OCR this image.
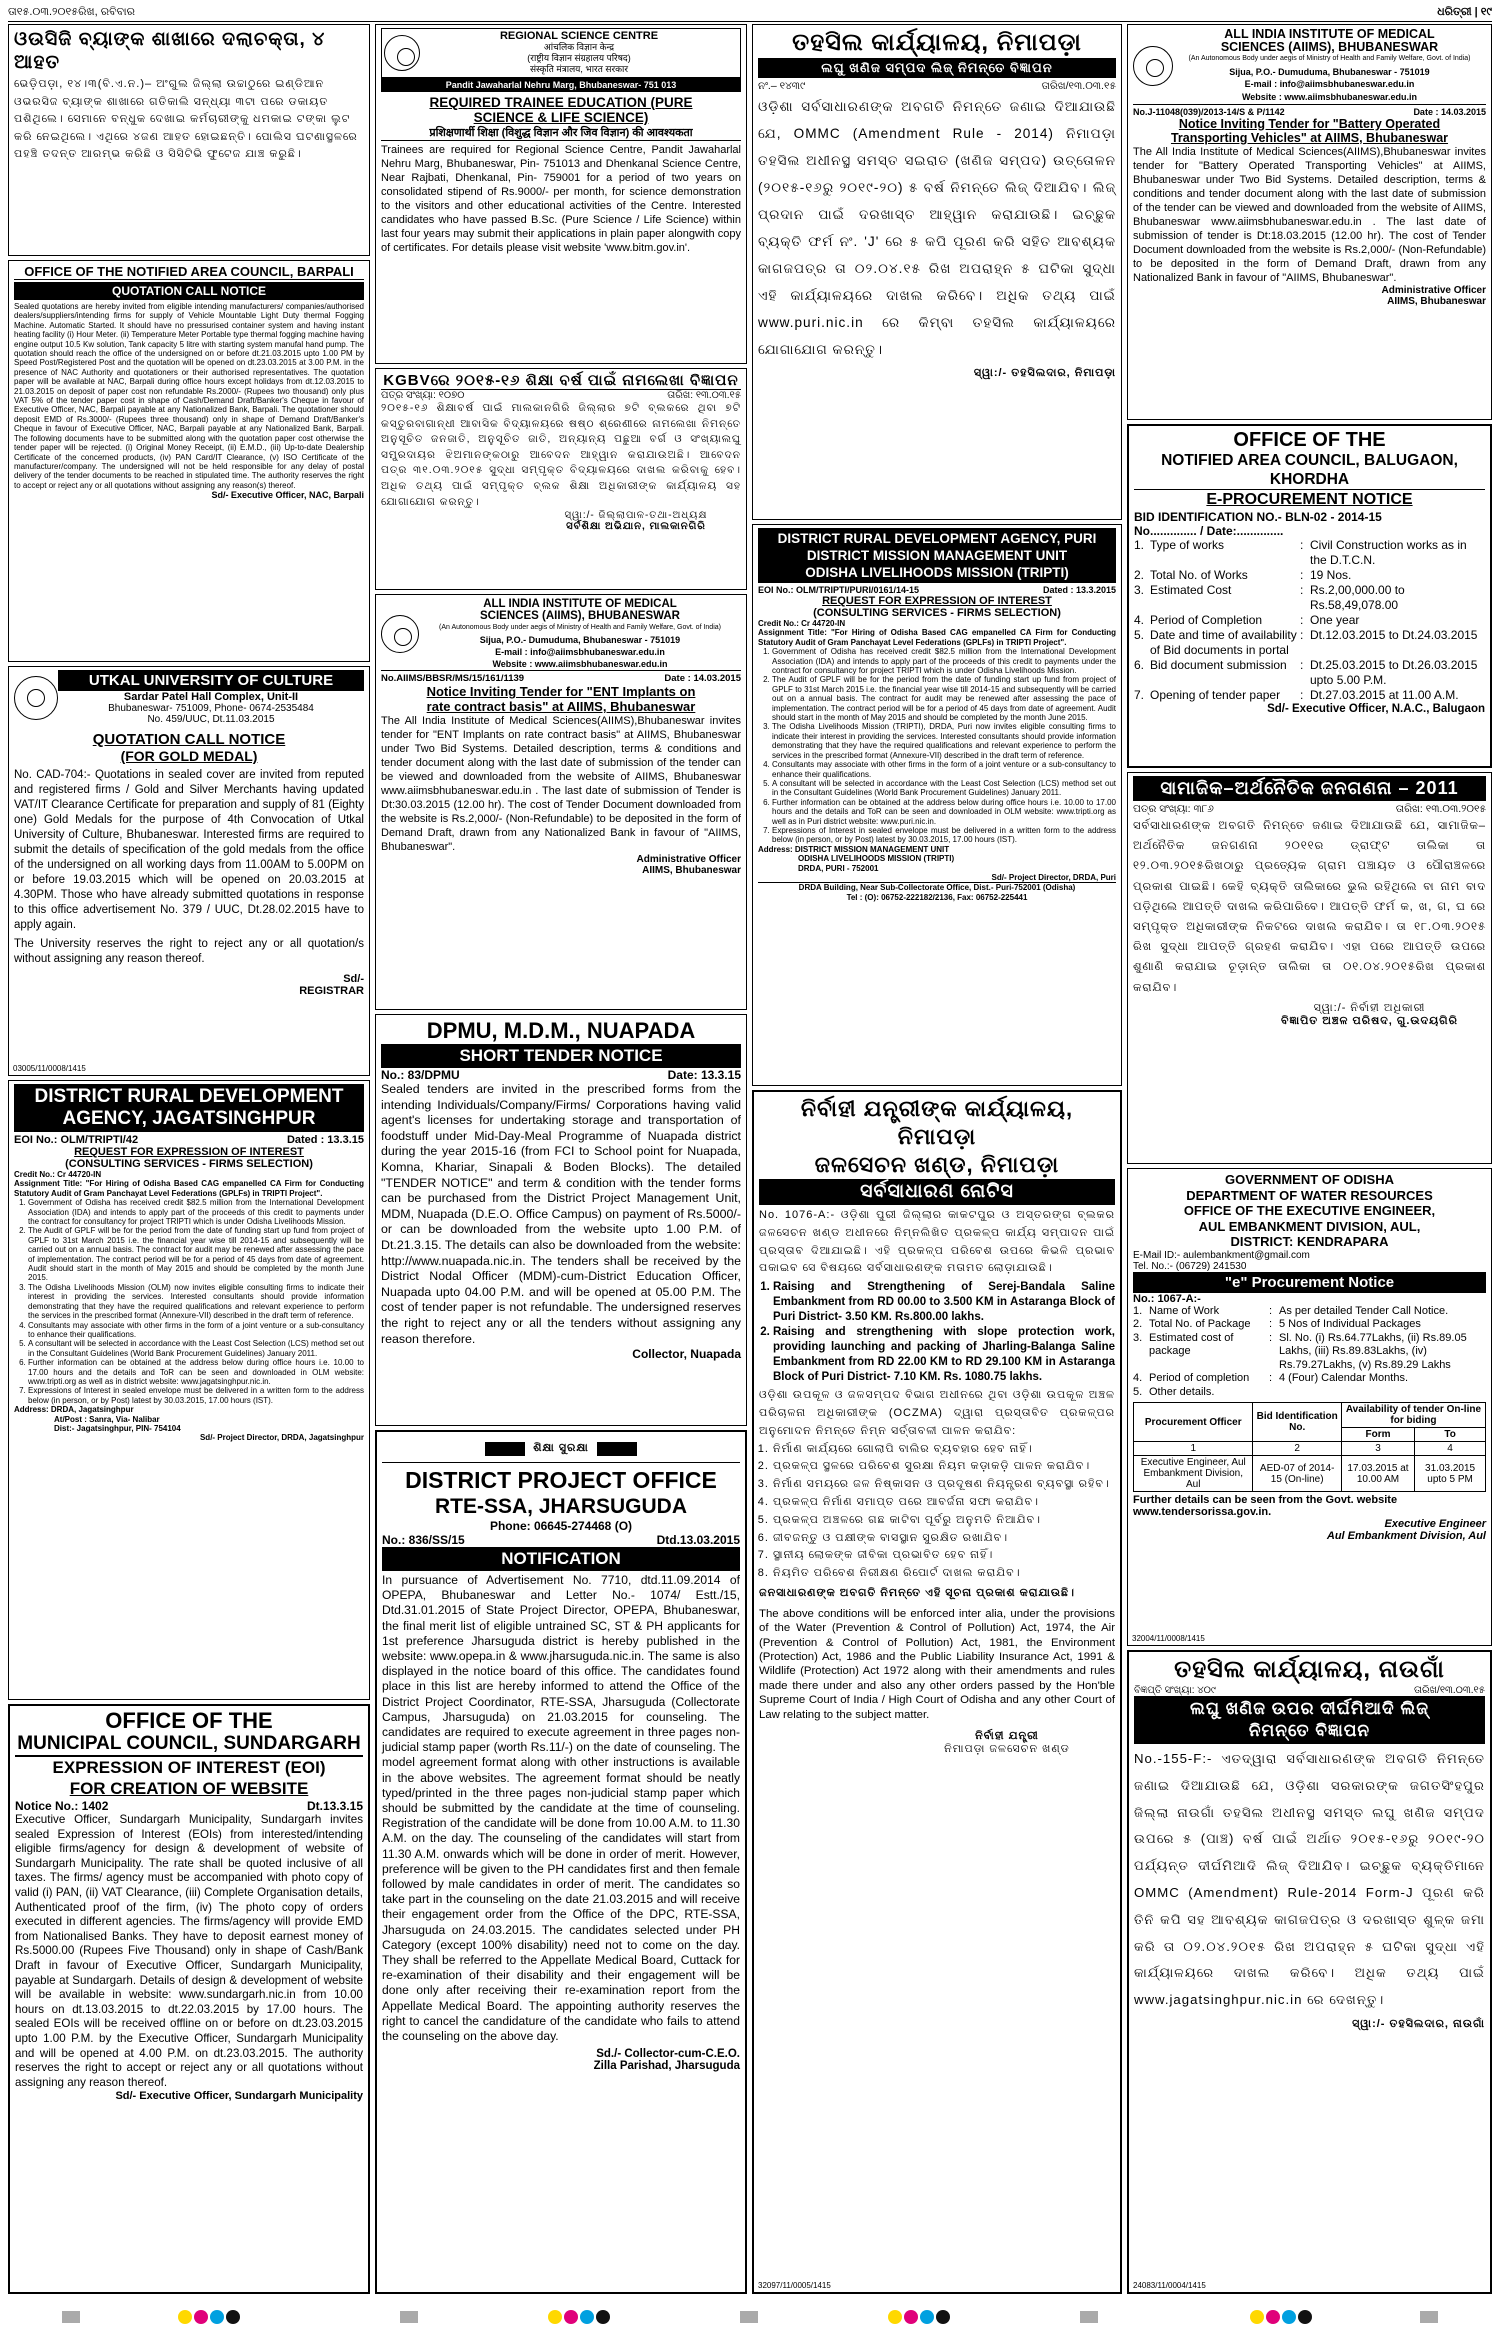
ତା୧୫.୦୩.୨୦୧୫ରିଖ, ରବିବାର	ଧରିତ୍ରୀ | ୧୯
ଓଉସିଜି ବ୍ୟାଙ୍କ ଶାଖାରେ ଦଲାଚକ୍ତା, ୪ ଆହତ
ଭେଡ଼ିପଡ଼ା, ୧୪।୩(ବି.ଏ.ନ.)– ଅଂଗୁଲ ଜିଲ୍ଲା ଉଚ୍ଚାଠୁରେ ଇଣ୍ଡିଆନ ଓଭରସିଜ ବ୍ୟାଙ୍କ ଶାଖାରେ ଗତିକାଲି ସନ୍ଧ୍ୟା ୩ଟା ପରେ ଡକାୟତ ପଶିଥିଲେ। ସେମାନେ ବନ୍ଧୁକ ଦେଖାଇ କର୍ମଚାରୀଙ୍କୁ ଧମକାଇ ଟଙ୍କା ଲୁଟ କରି ନେଇଥିଲେ। ଏଥିରେ ୪ଜଣ ଆହତ ହୋଇଛନ୍ତି। ପୋଲିସ ଘଟଣାସ୍ଥଳରେ ପହଞ୍ଚି ତଦନ୍ତ ଆରମ୍ଭ କରିଛି ଓ ସିସିଟିଭି ଫୁଟେଜ ଯାଞ୍ଚ କରୁଛି।
OFFICE OF THE NOTIFIED AREA COUNCIL, BARPALI
QUOTATION CALL NOTICE
Sealed quotations are hereby invited from eligible intending manufacturers/ companies/authorised dealers/suppliers/intending firms for supply of Vehicle Mountable Light Duty thermal Fogging Machine. Automatic Started. It should have no pressurised container system and having instant heating facility (i) Hour Meter. (ii) Temperature Meter Portable type thermal fogging machine having engine output 10.5 Kw solution, Tank capacity 5 litre with starting system manufal hand pump. The quotation should reach the office of the undersigned on or before dt.21.03.2015 upto 1.00 PM by Speed Post/Registered Post and the quotation will be opened on dt.23.03.2015 at 3.00 P.M. in the presence of NAC Authority and quotationers or their authorised representatives. The quotation paper will be available at NAC, Barpali during office hours except holidays from dt.12.03.2015 to 21.03.2015 on deposit of paper cost non refundable Rs.2000/- (Rupees two thousand) only plus VAT 5% of the tender paper cost in shape of Cash/Demand Draft/Banker's Cheque in favour of Executive Officer, NAC, Barpali payable at any Nationalized Bank, Barpali. The quotationer should deposit EMD of Rs.3000/- (Rupees three thousand) only in shape of Demand Draft/Banker's Cheque in favour of Executive Officer, NAC, Barpali payable at any Nationalized Bank, Barpali. The following documents have to be submitted along with the quotation paper cost otherwise the tender paper will be rejected. (i) Original Money Receipt, (ii) E.M.D., (iii) Up-to-date Dealership Certificate of the concerned products, (iv) PAN Card/IT Clearance, (v) ISO Certificate of the manufacturer/company. The undersigned will not be held responsible for any delay of postal delivery of the tender documents to be reached in stipulated time. The authority reserves the right to accept or reject any or all quotations without assigning any reason(s) thereof.
Sd/- Executive Officer, NAC, Barpali
UTKAL UNIVERSITY OF CULTURE
Sardar Patel Hall Complex, Unit-II
Bhubaneswar- 751009, Phone- 0674-2535484
No. 459/UUC, Dt.11.03.2015
QUOTATION CALL NOTICE
(FOR GOLD MEDAL)
No. CAD-704:- Quotations in sealed cover are invited from reputed and registered firms / Gold and Silver Merchants having updated VAT/IT Clearance Certificate for preparation and supply of 81 (Eighty one) Gold Medals for the purpose of 4th Convocation of Utkal University of Culture, Bhubaneswar. Interested firms are required to submit the details of specification of the gold medals from the office of the undersigned on all working days from 11.00AM to 5.00PM on or before 19.03.2015 which will be opened on 20.03.2015 at 4.30PM. Those who have already submitted quotations in response to this office advertisement No. 379 / UUC, Dt.28.02.2015 have to apply again.
The University reserves the right to reject any or all quotation/s without assigning any reason thereof.
Sd/-
REGISTRAR
03005/11/0008/1415
DISTRICT RURAL DEVELOPMENT
AGENCY, JAGATSINGHPUR
EOI No.: OLM/TRIPTI/42	Dated : 13.3.15
REQUEST FOR EXPRESSION OF INTEREST
(CONSULTING SERVICES - FIRMS SELECTION)
Credit No.: Cr 44720-IN
Assignment Title: "For Hiring of Odisha Based CAG empanelled CA Firm for Conducting Statutory Audit of Gram Panchayat Level Federations (GPLFs) in TRIPTI Project".
1. Government of Odisha has received credit $82.5 million from the International Development Association (IDA) and intends to apply part of the proceeds of this credit to payments under the contract for consultancy for project TRIPTI which is under Odisha Livelihoods Mission.
2. The Audit of GPLF will be for the period from the date of funding start up fund from project of GPLF to 31st March 2015 i.e. the financial year wise till 2014-15 and subsequently will be carried out on a annual basis. The contract for audit may be renewed after assessing the pace of implementation. The contract period will be for a period of 45 days from date of agreement. Audit should start in the month of May 2015 and should be completed by the month June 2015.
3. The Odisha Livelihoods Mission (OLM) now invites eligible consulting firms to indicate their interest in providing the services. Interested consultants should provide information demonstrating that they have the required qualifications and relevant experience to perform the services in the prescribed format (Annexure-VII) described in the draft term of reference.
4. Consultants may associate with other firms in the form of a joint venture or a sub-consultancy to enhance their qualifications.
5. A consultant will be selected in accordance with the Least Cost Selection (LCS) method set out in the Consultant Guidelines (World Bank Procurement Guidelines) January 2011.
6. Further information can be obtained at the address below during office hours i.e. 10.00 to 17.00 hours and the details and ToR can be seen and downloaded in OLM website: www.tripti.org as well as in district website: www.jagatsinghpur.nic.in.
7. Expressions of Interest in sealed envelope must be delivered in a written form to the address below (in person, or by Post) latest by 30.03.2015, 17.00 hours (IST).
Address: DRDA, Jagatsinghpur
At/Post : Sanra, Via- Nalibar
Dist:- Jagatsinghpur, PIN- 754104
Sd/- Project Director, DRDA, Jagatsinghpur
OFFICE OF THE
MUNICIPAL COUNCIL, SUNDARGARH
EXPRESSION OF INTEREST (EOI)
FOR CREATION OF WEBSITE
Notice No.: 1402	Dt.13.3.15
Executive Officer, Sundargarh Municipality, Sundargarh invites sealed Expression of Interest (EOIs) from interested/intending eligible firms/agency for design & development of website of Sundargarh Municipality. The rate shall be quoted inclusive of all taxes. The firms/ agency must be accompanied with photo copy of valid (i) PAN, (ii) VAT Clearance, (iii) Complete Organisation details, Authenticated proof of the firm, (iv) The photo copy of orders executed in different agencies. The firms/agency will provide EMD from Nationalised Banks. They have to deposit earnest money of Rs.5000.00 (Rupees Five Thousand) only in shape of Cash/Bank Draft in favour of Executive Officer, Sundargarh Municipality, payable at Sundargarh. Details of design & development of website will be available in website: www.sundargarh.nic.in from 10.00 hours on dt.13.03.2015 to dt.22.03.2015 by 17.00 hours. The sealed EOIs will be received offline on or before on dt.23.03.2015 upto 1.00 P.M. by the Executive Officer, Sundargarh Municipality and will be opened at 4.00 P.M. on dt.23.03.2015. The authority reserves the right to accept or reject any or all quotations without assigning any reason thereof.
Sd/- Executive Officer, Sundargarh Municipality
REGIONAL SCIENCE CENTRE
आंचलिक विज्ञान केन्द्र
(राष्ट्रीय विज्ञान संग्रहालय परिषद)
संस्कृति मंत्रालय, भारत सरकार
Pandit Jawaharlal Nehru Marg, Bhubaneswar- 751 013
REQUIRED TRAINEE EDUCATION (PURE
SCIENCE & LIFE SCIENCE)
प्रशिक्षणार्थी शिक्षा (विशुद्ध विज्ञान और जिव विज्ञान) की आवश्यकता
Trainees are required for Regional Science Centre, Pandit Jawaharlal Nehru Marg, Bhubaneswar, Pin- 751013 and Dhenkanal Science Centre, Near Rajbati, Dhenkanal, Pin- 759001 for a period of two years on consolidated stipend of Rs.9000/- per month, for science demonstration to the visitors and other educational activities of the Centre. Interested candidates who have passed B.Sc. (Pure Science / Life Science) within last four years may submit their applications in plain paper alongwith copy of certificates. For details please visit website 'www.bitm.gov.in'.
KGBVରେ ୨୦୧୫-୧୬ ଶିକ୍ଷା ବର୍ଷ ପାଇଁ ନାମଲେଖା ବିଜ୍ଞାପନ
ପତ୍ର ସଂଖ୍ୟା: ୧୦୭୦	ତାରିଖ: ୧୩.୦୩.୧୫
୨୦୧୫-୧୬ ଶିକ୍ଷାବର୍ଷ ପାଇଁ ମାଲକାନଗିରି ଜିଲ୍ଲାର ୭ଟି ବ୍ଲକରେ ଥିବା ୭ଟି କସ୍ତୁରବାଗାନ୍ଧୀ ଆବାସିକ ବିଦ୍ୟାଳୟରେ ଷଷ୍ଠ ଶ୍ରେଣୀରେ ନାମଲେଖା ନିମନ୍ତେ ଅନୁସୂଚିତ ଜନଜାତି, ଅନୁସୂଚିତ ଜାତି, ଅନ୍ୟାନ୍ୟ ପଛୁଆ ବର୍ଗ ଓ ସଂଖ୍ୟାଲଘୁ ସମ୍ପ୍ରଦାୟର ଝିଅମାନଙ୍କଠାରୁ ଆବେଦନ ଆହ୍ୱାନ କରାଯାଉଅଛି। ଆବେଦନ ପତ୍ର ୩୧.୦୩.୨୦୧୫ ସୁଦ୍ଧା ସମ୍ପୃକ୍ତ ବିଦ୍ୟାଳୟରେ ଦାଖଲ କରିବାକୁ ହେବ। ଅଧିକ ତଥ୍ୟ ପାଇଁ ସମ୍ପୃକ୍ତ ବ୍ଲକ ଶିକ୍ଷା ଅଧିକାରୀଙ୍କ କାର୍ଯ୍ୟାଳୟ ସହ ଯୋଗାଯୋଗ କରନ୍ତୁ।
ସ୍ୱା:/- ଜିଲ୍ଲାପାଳ-ତଥା-ଅଧ୍ୟକ୍ଷ
ସର୍ବଶିକ୍ଷା ଅଭିଯାନ, ମାଲକାନଗିରି
ALL INDIA INSTITUTE OF MEDICAL
SCIENCES (AIIMS), BHUBANESWAR
(An Autonomous Body under aegis of Ministry of Health and Family Welfare, Govt. of India)
Sijua, P.O.- Dumuduma, Bhubaneswar - 751019
E-mail : info@aiimsbhubaneswar.edu.in
Website : www.aiimsbhubaneswar.edu.in
No.AIIMS/BBSR/MS/15/161/1139	Date : 14.03.2015
Notice Inviting Tender for "ENT Implants on
rate contract basis" at AIIMS, Bhubaneswar
The All India Institute of Medical Sciences(AIIMS),Bhubaneswar invites tender for "ENT Implants on rate contract basis" at AIIMS, Bhubaneswar under Two Bid Systems. Detailed description, terms & conditions and tender document along with the last date of submission of the tender can be viewed and downloaded from the website of AIIMS, Bhubaneswar www.aiimsbhubaneswar.edu.in . The last date of submission of Tender is Dt:30.03.2015 (12.00 hr). The cost of Tender Document downloaded from the website is Rs.2,000/- (Non-Refundable) to be deposited in the form of Demand Draft, drawn from any Nationalized Bank in favour of "AIIMS, Bhubaneswar".
Administrative Officer
AIIMS, Bhubaneswar
DPMU, M.D.M., NUAPADA
SHORT TENDER NOTICE
No.: 83/DPMU	Date: 13.3.15
Sealed tenders are invited in the prescribed forms from the intending Individuals/Company/Firms/ Corporations having valid agent's licenses for undertaking storage and transportation of foodstuff under Mid-Day-Meal Programme of Nuapada district during the year 2015-16 (from FCI to School point for Nuapada, Komna, Khariar, Sinapali & Boden Blocks). The detailed "TENDER NOTICE" and term & condition with the tender forms can be purchased from the District Project Management Unit, MDM, Nuapada (D.E.O. Office Campus) on payment of Rs.5000/- or can be downloaded from the website upto 1.00 P.M. of Dt.21.3.15. The details can also be downloaded from the website: http://www.nuapada.nic.in. The tenders shall be received by the District Nodal Officer (MDM)-cum-District Education Officer, Nuapada upto 04.00 P.M. and will be opened at 05.00 P.M. The cost of tender paper is not refundable. The undersigned reserves the right to reject any or all the tenders without assigning any reason therefore.
Collector, Nuapada
ଶିକ୍ଷା ସୁରକ୍ଷା
DISTRICT PROJECT OFFICE
RTE-SSA, JHARSUGUDA
Phone: 06645-274468 (O)
No.: 836/SS/15	Dtd.13.03.2015
NOTIFICATION
In pursuance of Advertisement No. 7710, dtd.11.09.2014 of OPEPA, Bhubaneswar and Letter No.- 1074/ Estt./15, Dtd.31.01.2015 of State Project Director, OPEPA, Bhubaneswar, the final merit list of eligible untrained SC, ST & PH applicants for 1st preference Jharsuguda district is hereby published in the website: www.opepa.in & www.jharsuguda.nic.in. The same is also displayed in the notice board of this office. The candidates found place in this list are hereby informed to attend the Office of the District Project Coordinator, RTE-SSA, Jharsuguda (Collectorate Campus, Jharsuguda) on 21.03.2015 for counseling. The candidates are required to execute agreement in three pages non-judicial stamp paper (worth Rs.11/-) on the date of counseling. The model agreement format along with other instructions is available in the above websites. The agreement format should be neatly typed/printed in the three pages non-judicial stamp paper which should be submitted by the candidate at the time of counseling. Registration of the candidate will be done from 10.00 A.M. to 11.30 A.M. on the day. The counseling of the candidates will start from 11.30 A.M. onwards which will be done in order of merit. However, preference will be given to the PH candidates first and then female followed by male candidates in order of merit. The candidates so take part in the counseling on the date 21.03.2015 and will receive their engagement order from the Office of the DPC, RTE-SSA, Jharsuguda on 24.03.2015. The candidates selected under PH Category (except 100% disability) need not to come on the day. They shall be referred to the Appellate Medical Board, Cuttack for re-examination of their disability and their engagement will be done only after receiving their re-examination report from the Appellate Medical Board. The appointing authority reserves the right to cancel the candidature of the candidate who fails to attend the counseling on the above day.
Sd./- Collector-cum-C.E.O.
Zilla Parishad, Jharsuguda
ତହସିଲ କାର୍ଯ୍ୟାଳୟ, ନିମାପଡ଼ା
ଲଘୁ ଖଣିଜ ସମ୍ପଦ ଲିଜ୍ ନିମନ୍ତେ ବିଜ୍ଞାପନ
ନଂ.– ୧୪୩୯	ତାରିଖ/୧୩.୦୩.୧୫
ଓଡ଼ିଶା ସର୍ବସାଧାରଣଙ୍କ ଅବଗତି ନିମନ୍ତେ ଜଣାଇ ଦିଆଯାଉଛି ଯେ, OMMC (Amendment Rule - 2014) ନିମାପଡ଼ା ତହସିଲ ଅଧୀନସ୍ଥ ସମସ୍ତ ସଇରାତ (ଖଣିଜ ସମ୍ପଦ) ଉତ୍ତୋଳନ (୨୦୧୫-୧୬ରୁ ୨୦୧୯-୨୦) ୫ ବର୍ଷ ନିମନ୍ତେ ଲିଜ୍ ଦିଆଯିବ। ଲିଜ୍ ପ୍ରଦାନ ପାଇଁ ଦରଖାସ୍ତ ଆହ୍ୱାନ କରାଯାଉଛି। ଇଚ୍ଛୁକ ବ୍ୟକ୍ତି ଫର୍ମ ନଂ. 'J' ରେ ୫ କପି ପୂରଣ କରି ସହିତ ଆବଶ୍ୟକ କାଗଜପତ୍ର ତା ୦୨.୦୪.୧୫ ରିଖ ଅପରାହ୍ନ ୫ ଘଟିକା ସୁଦ୍ଧା ଏହି କାର୍ଯ୍ୟାଳୟରେ ଦାଖଲ କରିବେ। ଅଧିକ ତଥ୍ୟ ପାଇଁ www.puri.nic.in ରେ କିମ୍ବା ତହସିଲ କାର୍ଯ୍ୟାଳୟରେ ଯୋଗାଯୋଗ କରନ୍ତୁ।
ସ୍ୱା:/- ତହସିଲଦାର, ନିମାପଡ଼ା
DISTRICT RURAL DEVELOPMENT AGENCY, PURI
DISTRICT MISSION MANAGEMENT UNIT
ODISHA LIVELIHOODS MISSION (TRIPTI)
EOI No.: OLM/TRIPTI/PURI/0161/14-15	Dated : 13.3.2015
REQUEST FOR EXPRESSION OF INTEREST
(CONSULTING SERVICES - FIRMS SELECTION)
Credit No.: Cr 44720-IN
Assignment Title: "For Hiring of Odisha Based CAG empanelled CA Firm for Conducting Statutory Audit of Gram Panchayat Level Federations (GPLFs) in TRIPTI Project".
1. Government of Odisha has received credit $82.5 million from the International Development Association (IDA) and intends to apply part of the proceeds of this credit to payments under the contract for consultancy for project TRIPTI which is under Odisha Livelihoods Mission.
2. The Audit of GPLF will be for the period from the date of funding start up fund from project of GPLF to 31st March 2015 i.e. the financial year wise till 2014-15 and subsequently will be carried out on a annual basis. The contract for audit may be renewed after assessing the pace of implementation. The contract period will be for a period of 45 days from date of agreement. Audit should start in the month of May 2015 and should be completed by the month June 2015.
3. The Odisha Livelihoods Mission (TRIPTI), DRDA, Puri now invites eligible consulting firms to indicate their interest in providing the services. Interested consultants should provide information demonstrating that they have the required qualifications and relevant experience to perform the services in the prescribed format (Annexure-VII) described in the draft term of reference.
4. Consultants may associate with other firms in the form of a joint venture or a sub-consultancy to enhance their qualifications.
5. A consultant will be selected in accordance with the Least Cost Selection (LCS) method set out in the Consultant Guidelines (World Bank Procurement Guidelines) January 2011.
6. Further information can be obtained at the address below during office hours i.e. 10.00 to 17.00 hours and the details and ToR can be seen and downloaded in OLM website: www.tripti.org as well as in Puri district website: www.puri.nic.in.
7. Expressions of Interest in sealed envelope must be delivered in a written form to the address below (in person, or by Post) latest by 30.03.2015, 17.00 hours (IST).
Address: DISTRICT MISSION MANAGEMENT UNIT
ODISHA LIVELIHOODS MISSION (TRIPTI)
DRDA, PURI - 752001
Sd/- Project Director, DRDA, Puri
DRDA Building, Near Sub-Collectorate Office, Dist.- Puri-752001 (Odisha)
Tel : (O): 06752-222182/2136, Fax: 06752-225441
ନିର୍ବାହୀ ଯନ୍ତ୍ରୀଙ୍କ କାର୍ଯ୍ୟାଳୟ, ନିମାପଡ଼ା
ଜଳସେଚନ ଖଣ୍ଡ, ନିମାପଡ଼ା
ସର୍ବସାଧାରଣ ନୋଟିସ
No. 1076-A:- ଓଡ଼ିଶା ପୁରୀ ଜିଲ୍ଲାର କାକଟପୁର ଓ ଅସ୍ତରଙ୍ଗ ବ୍ଲକର ଜଳସେଚନ ଖଣ୍ଡ ଅଧୀନରେ ନିମ୍ନଲିଖିତ ପ୍ରକଳ୍ପ କାର୍ଯ୍ୟ ସମ୍ପାଦନ ପାଇଁ ପ୍ରସ୍ତାବ ଦିଆଯାଇଛି। ଏହି ପ୍ରକଳ୍ପ ପରିବେଶ ଉପରେ କିଭଳି ପ୍ରଭାବ ପକାଇବ ସେ ବିଷୟରେ ସର୍ବସାଧାରଣଙ୍କ ମତାମତ ଲୋଡ଼ାଯାଉଛି।
1. Raising and Strengthening of Serej-Bandala Saline Embankment from RD 00.00 to 3.500 KM in Astaranga Block of Puri District- 3.50 KM. Rs.800.00 lakhs.
2. Raising and strengthening with slope protection work, providing launching and packing of Jharling-Balanga Saline Embankment from RD 22.00 KM to RD 29.100 KM in Astaranga Block of Puri District- 7.10 KM. Rs. 1080.75 lakhs.
ଓଡ଼ିଶା ଉପକୂଳ ଓ ଜଳସମ୍ପଦ ବିଭାଗ ଅଧୀନରେ ଥିବା ଓଡ଼ିଶା ଉପକୂଳ ଅଞ୍ଚଳ ପରିଚାଳନା ଅଧିକାରୀଙ୍କ (OCZMA) ଦ୍ୱାରା ପ୍ରସ୍ତାବିତ ପ୍ରକଳ୍ପର ଅନୁମୋଦନ ନିମନ୍ତେ ନିମ୍ନ ସର୍ତ୍ତାବଳୀ ପାଳନ କରାଯିବ:
1. ନିର୍ମାଣ କାର୍ଯ୍ୟରେ ଗୋଲାପି ବାଲିର ବ୍ୟବହାର ହେବ ନାହିଁ।
2. ପ୍ରକଳ୍ପ ସ୍ଥଳରେ ପରିବେଶ ସୁରକ୍ଷା ନିୟମ କଡ଼ାକଡ଼ି ପାଳନ କରାଯିବ।
3. ନିର୍ମାଣ ସମୟରେ ଜଳ ନିଷ୍କାସନ ଓ ପ୍ରଦୂଷଣ ନିୟନ୍ତ୍ରଣ ବ୍ୟବସ୍ଥା ରହିବ।
4. ପ୍ରକଳ୍ପ ନିର୍ମାଣ ସମାପ୍ତ ପରେ ଆବର୍ଜନା ସଫା କରାଯିବ।
5. ପ୍ରକଳ୍ପ ଅଞ୍ଚଳରେ ଗଛ କାଟିବା ପୂର୍ବରୁ ଅନୁମତି ନିଆଯିବ।
6. ଜୀବଜନ୍ତୁ ଓ ପକ୍ଷୀଙ୍କ ବାସସ୍ଥାନ ସୁରକ୍ଷିତ ରଖାଯିବ।
7. ସ୍ଥାନୀୟ ଲୋକଙ୍କ ଜୀବିକା ପ୍ରଭାବିତ ହେବ ନାହିଁ।
8. ନିୟମିତ ପରିବେଶ ନିରୀକ୍ଷଣ ରିପୋର୍ଟ ଦାଖଲ କରାଯିବ।
ଜନସାଧାରଣଙ୍କ ଅବଗତି ନିମନ୍ତେ ଏହି ସୂଚନା ପ୍ରକାଶ କରାଯାଉଛି।
The above conditions will be enforced inter alia, under the provisions of the Water (Prevention & Control of Pollution) Act, 1974, the Air (Prevention & Control of Pollution) Act, 1981, the Environment (Protection) Act, 1986 and the Public Liability Insurance Act, 1991 & Wildlife (Protection) Act 1972 along with their amendments and rules made there under and also any other orders passed by the Hon'ble Supreme Court of India / High Court of Odisha and any other Court of Law relating to the subject matter.
ନିର୍ବାହୀ ଯନ୍ତ୍ରୀ
ନିମାପଡ଼ା ଜଳସେଚନ ଖଣ୍ଡ
32097/11/0005/1415
ALL INDIA INSTITUTE OF MEDICAL
SCIENCES (AIIMS), BHUBANESWAR
(An Autonomous Body under aegis of Ministry of Health and Family Welfare, Govt. of India)
Sijua, P.O.- Dumuduma, Bhubaneswar - 751019
E-mail : info@aiimsbhubaneswar.edu.in
Website : www.aiimsbhubaneswar.edu.in
No.J-11048(039)/2013-14/S & P/1142	Date : 14.03.2015
Notice Inviting Tender for "Battery Operated
Transporting Vehicles" at AIIMS, Bhubaneswar
The All India Institute of Medical Sciences(AIIMS),Bhubaneswar invites tender for "Battery Operated Transporting Vehicles" at AIIMS, Bhubaneswar under Two Bid Systems. Detailed description, terms & conditions and tender document along with the last date of submission of the tender can be viewed and downloaded from the website of AIIMS, Bhubaneswar www.aiimsbhubaneswar.edu.in . The last date of submission of tender is Dt:18.03.2015 (12.00 hr). The cost of Tender Document downloaded from the website is Rs.2,000/- (Non-Refundable) to be deposited in the form of Demand Draft, drawn from any Nationalized Bank in favour of "AIIMS, Bhubaneswar".
Administrative Officer
AIIMS, Bhubaneswar
OFFICE OF THE
NOTIFIED AREA COUNCIL, BALUGAON, KHORDHA
E-PROCUREMENT NOTICE
BID IDENTIFICATION NO.- BLN-02 - 2014-15
No.............. / Date:..............
1. Type of works	: Civil Construction works as in the D.T.C.N.
2. Total No. of Works	: 19 Nos.
3. Estimated Cost	: Rs.2,00,000.00 to Rs.58,49,078.00
4. Period of Completion	: One year
5. Date and time of availability of Bid documents in portal
: Dt.12.03.2015 to Dt.24.03.2015
6. Bid document submission	: Dt.25.03.2015 to Dt.26.03.2015 upto 5.00 P.M.
7. Opening of tender paper	: Dt.27.03.2015 at 11.00 A.M.
Sd/- Executive Officer, N.A.C., Balugaon
ସାମାଜିକ–ଅର୍ଥନୈତିକ ଜନଗଣନା – 2011
ପତ୍ର ସଂଖ୍ୟା: ୩୮୬	ତାରିଖ: ୧୩.୦୩.୨୦୧୫
ସର୍ବସାଧାରଣଙ୍କ ଅବଗତି ନିମନ୍ତେ ଜଣାଇ ଦିଆଯାଉଛି ଯେ, ସାମାଜିକ–ଅର୍ଥନୈତିକ ଜନଗଣନା ୨୦୧୧ର ଡ୍ରାଫ୍ଟ ତାଲିକା ତା ୧୨.୦୩.୨୦୧୫ରିଖଠାରୁ ପ୍ରତ୍ୟେକ ଗ୍ରାମ ପଞ୍ଚାୟତ ଓ ପୌରାଞ୍ଚଳରେ ପ୍ରକାଶ ପାଇଛି। କେହି ବ୍ୟକ୍ତି ତାଲିକାରେ ଭୁଲ ରହିଥିଲେ ବା ନାମ ବାଦ ପଡ଼ିଥିଲେ ଆପତ୍ତି ଦାଖଲ କରିପାରିବେ। ଆପତ୍ତି ଫର୍ମ କ, ଖ, ଗ, ଘ ରେ ସମ୍ପୃକ୍ତ ଅଧିକାରୀଙ୍କ ନିକଟରେ ଦାଖଲ କରାଯିବ। ତା ୧୮.୦୩.୨୦୧୫ ରିଖ ସୁଦ୍ଧା ଆପତ୍ତି ଗ୍ରହଣ କରାଯିବ। ଏହା ପରେ ଆପତ୍ତି ଉପରେ ଶୁଣାଣି କରାଯାଇ ଚୂଡ଼ାନ୍ତ ତାଲିକା ତା ୦୧.୦୪.୨୦୧୫ରିଖ ପ୍ରକାଶ କରାଯିବ।
ସ୍ୱା:/- ନିର୍ବାହୀ ଅଧିକାରୀ
ବିଜ୍ଞାପିତ ଅଞ୍ଚଳ ପରିଷଦ, ଗୁ.ଉଦୟଗିରି
GOVERNMENT OF ODISHA
DEPARTMENT OF WATER RESOURCES
OFFICE OF THE EXECUTIVE ENGINEER,
AUL EMBANKMENT DIVISION, AUL,
DISTRICT: KENDRAPARA
E-Mail ID:- aulembankment@gmail.com
Tel. No.:- (06729) 241530
"e" Procurement Notice
No.: 1067-A:-
1. Name of Work	: As per detailed Tender Call Notice.
2. Total No. of Package	: 5 Nos of Individual Packages
3. Estimated cost of package
: Sl. No. (i) Rs.64.77Lakhs, (ii) Rs.89.05 Lakhs, (iii) Rs.89.83Lakhs, (iv) Rs.79.27Lakhs, (v) Rs.89.29 Lakhs
4. Period of completion	: 4 (Four) Calendar Months.
5. Other details.
Procurement Officer	Bid Identification No.	Availability of tender On-line for biding	
		Form	To
1	2	3	4
Executive Engineer, Aul Embankment Division, Aul	AED-07 of 2014-15 (On-line)	17.03.2015 at 10.00 AM	31.03.2015 upto 5 PM
Further details can be seen from the Govt. website www.tendersorissa.gov.in.
Executive Engineer
Aul Embankment Division, Aul
32004/11/0008/1415
ତହସିଲ କାର୍ଯ୍ୟାଳୟ, ନାଉଗାଁ
ବିଜ୍ଞପ୍ତି ସଂଖ୍ୟା: ୪୦୯	ତାରିଖ/୧୩.୦୩.୧୫
ଲଘୁ ଖଣିଜ ଉପର ଦୀର୍ଘମିଆଦି ଲିଜ୍
ନିମନ୍ତେ ବିଜ୍ଞାପନ
No.-155-F:- ଏତଦ୍ୱାରା ସର୍ବସାଧାରଣଙ୍କ ଅବଗତି ନିମନ୍ତେ ଜଣାଇ ଦିଆଯାଉଛି ଯେ, ଓଡ଼ିଶା ସରକାରଙ୍କ ଜଗତସିଂହପୁର ଜିଲ୍ଲା ନାଉଗାଁ ତହସିଲ ଅଧୀନସ୍ଥ ସମସ୍ତ ଲଘୁ ଖଣିଜ ସମ୍ପଦ ଉପରେ ୫ (ପାଞ୍ଚ) ବର୍ଷ ପାଇଁ ଅର୍ଥାତ ୨୦୧୫-୧୬ରୁ ୨୦୧୯-୨୦ ପର୍ଯ୍ୟନ୍ତ ଦୀର୍ଘମିଆଦି ଲିଜ୍ ଦିଆଯିବ। ଇଚ୍ଛୁକ ବ୍ୟକ୍ତିମାନେ OMMC (Amendment) Rule-2014 Form-J ପୂରଣ କରି ତିନି କପି ସହ ଆବଶ୍ୟକ କାଗଜପତ୍ର ଓ ଦରଖାସ୍ତ ଶୁଳ୍କ ଜମା କରି ତା ୦୨.୦୪.୨୦୧୫ ରିଖ ଅପରାହ୍ନ ୫ ଘଟିକା ସୁଦ୍ଧା ଏହି କାର୍ଯ୍ୟାଳୟରେ ଦାଖଲ କରିବେ। ଅଧିକ ତଥ୍ୟ ପାଇଁ www.jagatsinghpur.nic.in ରେ ଦେଖନ୍ତୁ।
ସ୍ୱା:/- ତହସିଲଦାର, ନାଉଗାଁ
24083/11/0004/1415
